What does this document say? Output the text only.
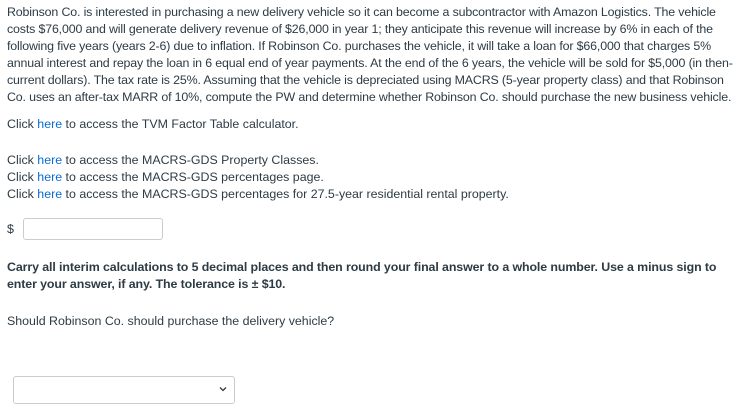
Robinson Co. is interested in purchasing a new delivery vehicle so it can become a subcontractor with Amazon Logistics. The vehicle costs $76,000 and will generate delivery revenue of $26,000 in year 1; they anticipate this revenue will increase by 6% in each of the following five years (years 2-6) due to inflation. If Robinson Co. purchases the vehicle, it will take a loan for $66,000 that charges 5% annual interest and repay the loan in 6 equal end of year payments. At the end of the 6 years, the vehicle will be sold for $5,000 (in then-current dollars). The tax rate is 25%. Assuming that the vehicle is depreciated using MACRS (5-year property class) and that Robinson Co. uses an after-tax MARR of 10%, compute the PW and determine whether Robinson Co. should purchase the new business vehicle.

Click here to access the TVM Factor Table calculator.

Click here to access the MACRS-GDS Property Classes.

Click here to access the MACRS-GDS percentages page.

Click here to access the MACRS-GDS percentages for 27.5-year residential rental property.

$

Carry all interim calculations to 5 decimal places and then round your final answer to a whole number. Use a minus sign to enter your answer, if any. The tolerance is ± $10.

Should Robinson Co. should purchase the delivery vehicle?
